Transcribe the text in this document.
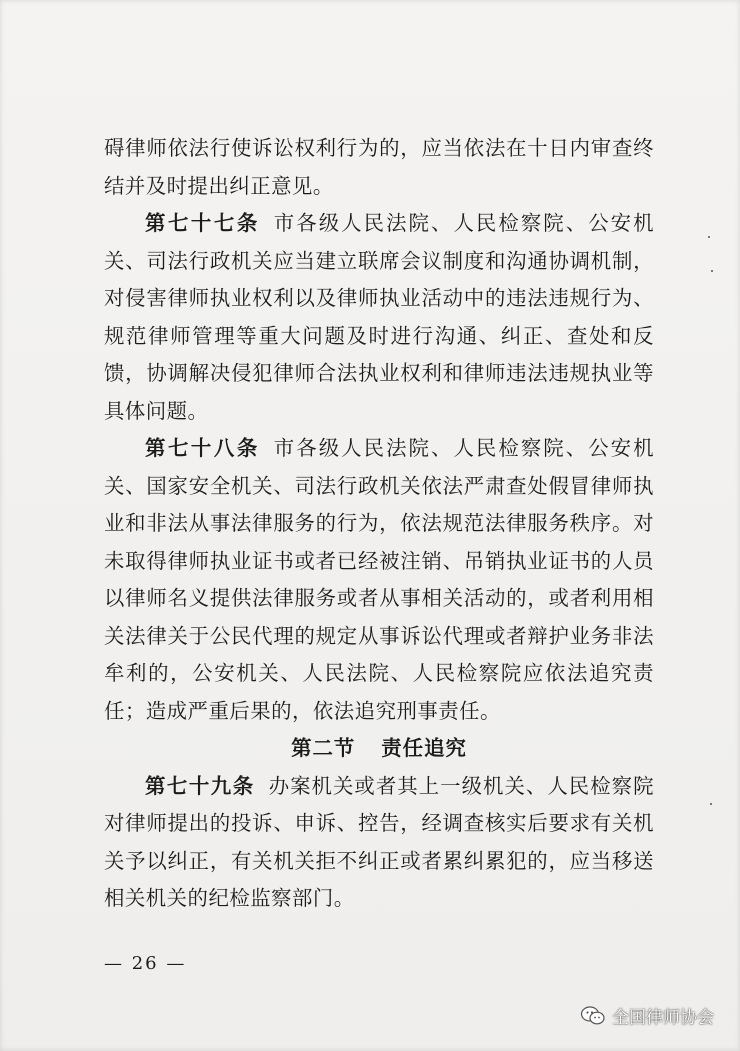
碍律师依法行使诉讼权利行为的，应当依法在十日内审查终结并及时提出纠正意见。

第七十七条 市各级人民法院、人民检察院、公安机关、司法行政机关应当建立联席会议制度和沟通协调机制，对侵害律师执业权利以及律师执业活动中的违法违规行为、规范律师管理等重大问题及时进行沟通、纠正、查处和反馈，协调解决侵犯律师合法执业权利和律师违法违规执业等具体问题。

第七十八条 市各级人民法院、人民检察院、公安机关、国家安全机关、司法行政机关依法严肃查处假冒律师执业和非法从事法律服务的行为，依法规范法律服务秩序。对未取得律师执业证书或者已经被注销、吊销执业证书的人员以律师名义提供法律服务或者从事相关活动的，或者利用相关法律关于公民代理的规定从事诉讼代理或者辩护业务非法牟利的，公安机关、人民法院、人民检察院应依法追究责任；造成严重后果的，依法追究刑事责任。

第二节 责任追究

第七十九条 办案机关或者其上一级机关、人民检察院对律师提出的投诉、申诉、控告，经调查核实后要求有关机关予以纠正，有关机关拒不纠正或者累纠累犯的，应当移送相关机关的纪检监察部门。

— 26 —
全国律师协会
